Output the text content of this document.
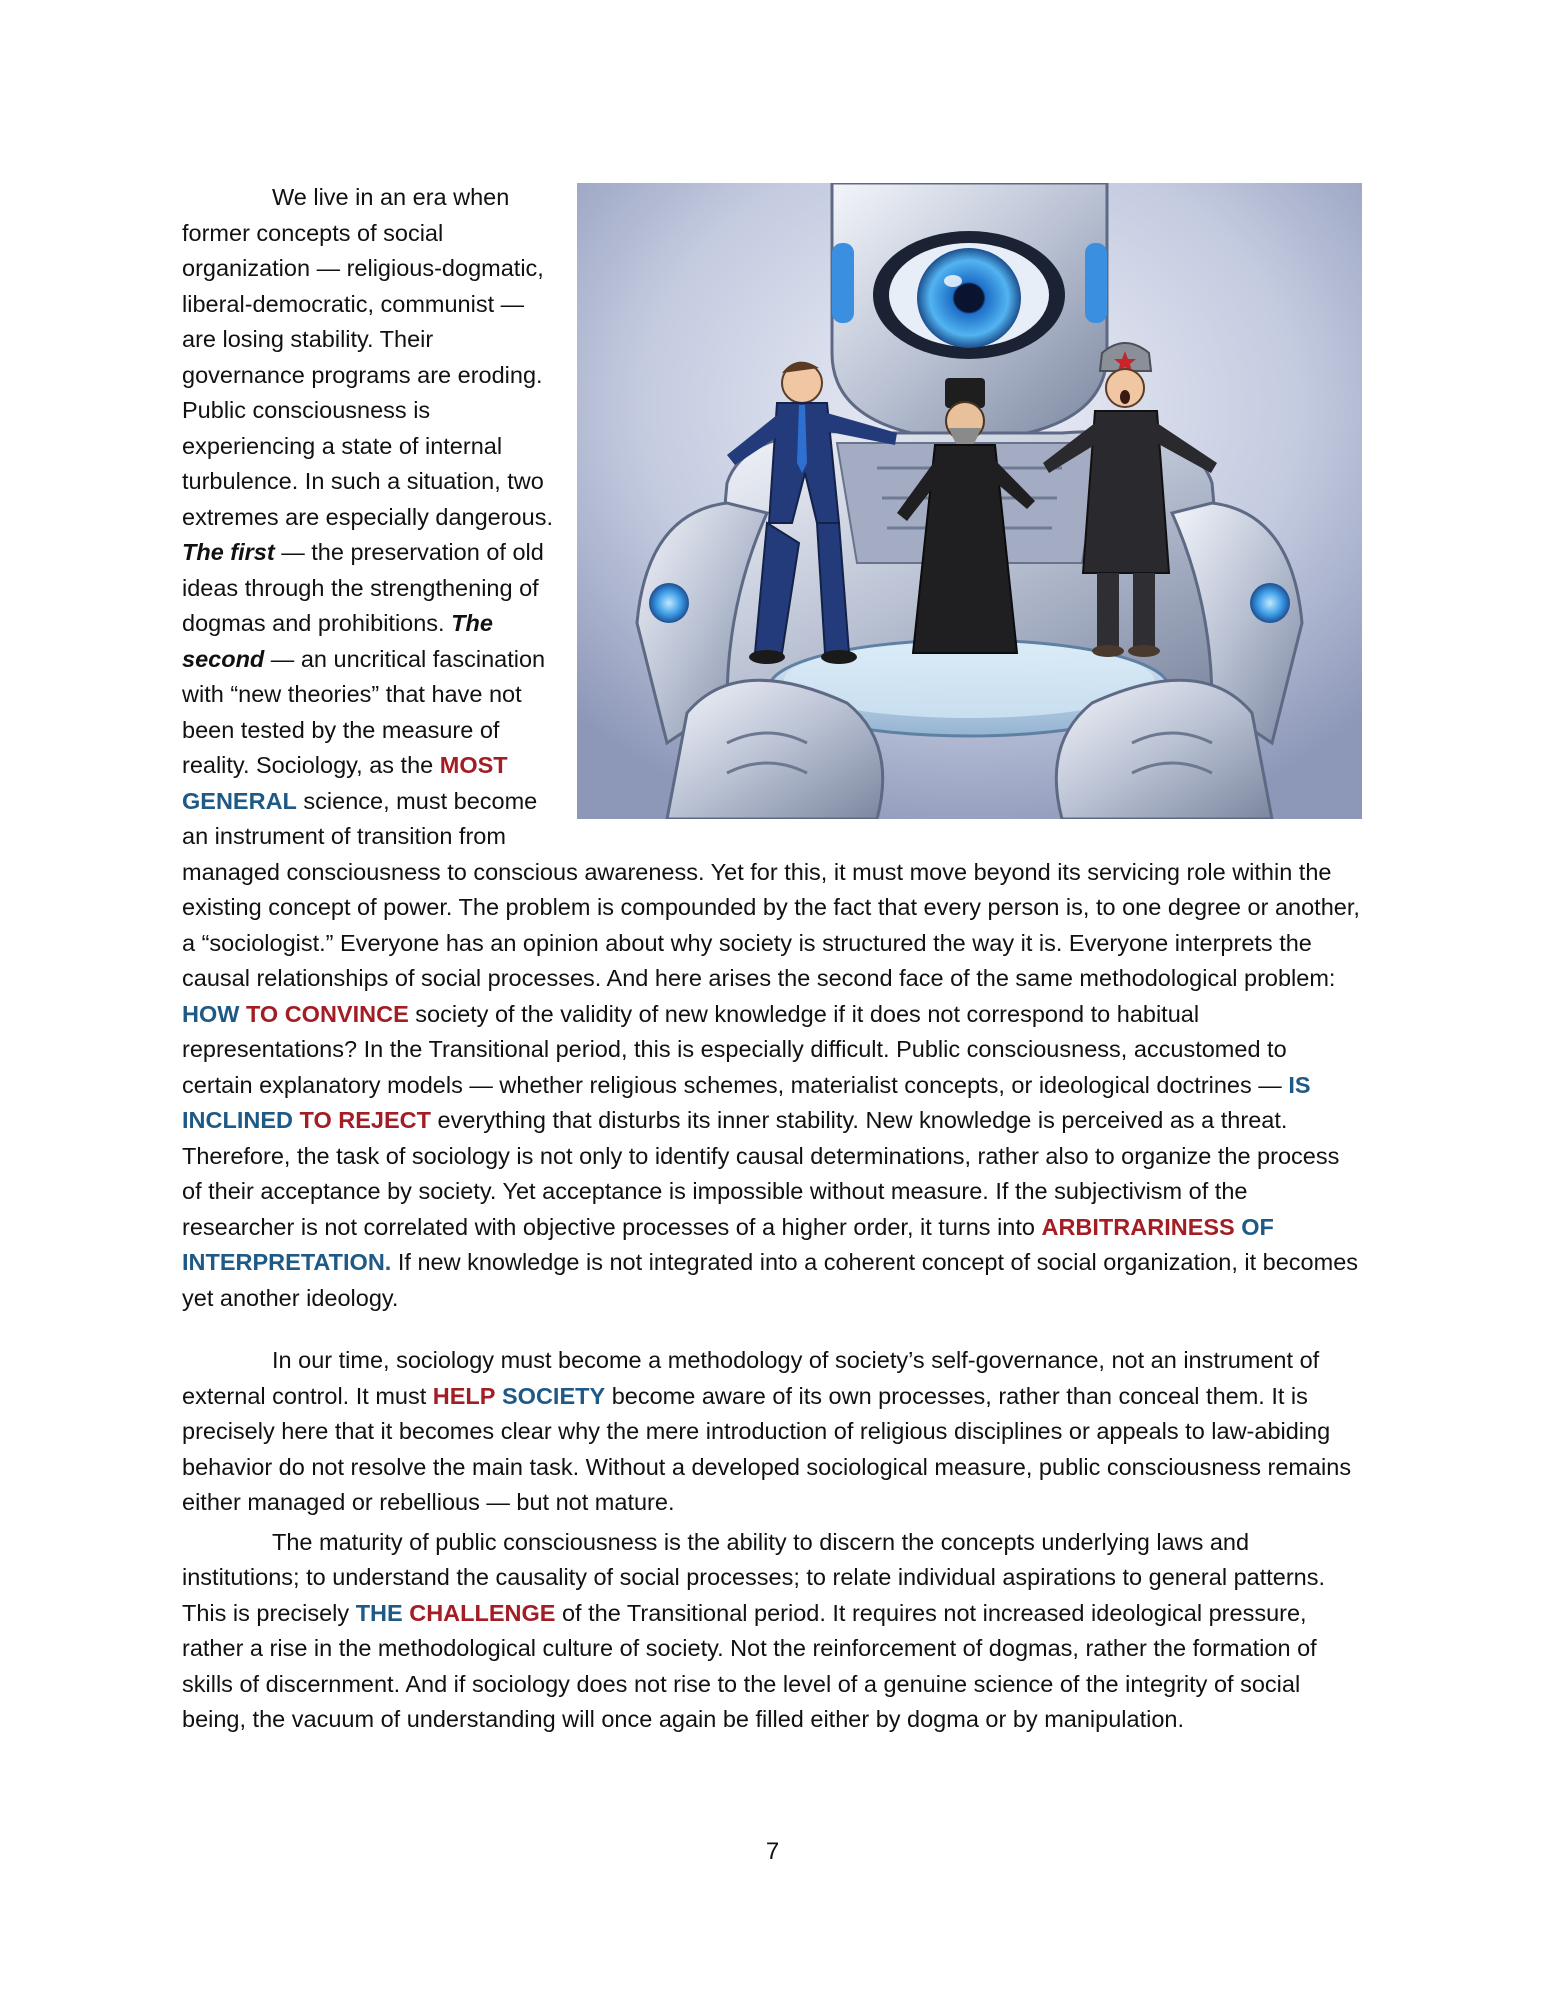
We live in an era when former concepts of social organization — religious-dogmatic, liberal-democratic, communist — are losing stability. Their governance programs are eroding. Public consciousness is experiencing a state of internal turbulence. In such a situation, two extremes are especially dangerous. The first — the preservation of old ideas through the strengthening of dogmas and prohibitions. The second — an uncritical fascination with “new theories” that have not been tested by the measure of reality. Sociology, as the MOST GENERAL science, must become an instrument of transition from managed consciousness to conscious awareness. Yet for this, it must move beyond its servicing role within the existing concept of power. The problem is compounded by the fact that every person is, to one degree or another, a “sociologist.” Everyone has an opinion about why society is structured the way it is. Everyone interprets the causal relationships of social processes. And here arises the second face of the same methodological problem: HOW TO CONVINCE society of the validity of new knowledge if it does not correspond to habitual representations? In the Transitional period, this is especially difficult. Public consciousness, accustomed to certain explanatory models — whether religious schemes, materialist concepts, or ideological doctrines — IS INCLINED TO REJECT everything that disturbs its inner stability. New knowledge is perceived as a threat. Therefore, the task of sociology is not only to identify causal determinations, rather also to organize the process of their acceptance by society. Yet acceptance is impossible without measure. If the subjectivism of the researcher is not correlated with objective processes of a higher order, it turns into ARBITRARINESS OF INTERPRETATION. If new knowledge is not integrated into a coherent concept of social organization, it becomes yet another ideology.

In our time, sociology must become a methodology of society’s self-governance, not an instrument of external control. It must HELP SOCIETY become aware of its own processes, rather than conceal them. It is precisely here that it becomes clear why the mere introduction of religious disciplines or appeals to law-abiding behavior do not resolve the main task. Without a developed sociological measure, public consciousness remains either managed or rebellious — but not mature.

The maturity of public consciousness is the ability to discern the concepts underlying laws and institutions; to understand the causality of social processes; to relate individual aspirations to general patterns. This is precisely THE CHALLENGE of the Transitional period. It requires not increased ideological pressure, rather a rise in the methodological culture of society. Not the reinforcement of dogmas, rather the formation of skills of discernment. And if sociology does not rise to the level of a genuine science of the integrity of social being, the vacuum of understanding will once again be filled either by dogma or by manipulation.

7
